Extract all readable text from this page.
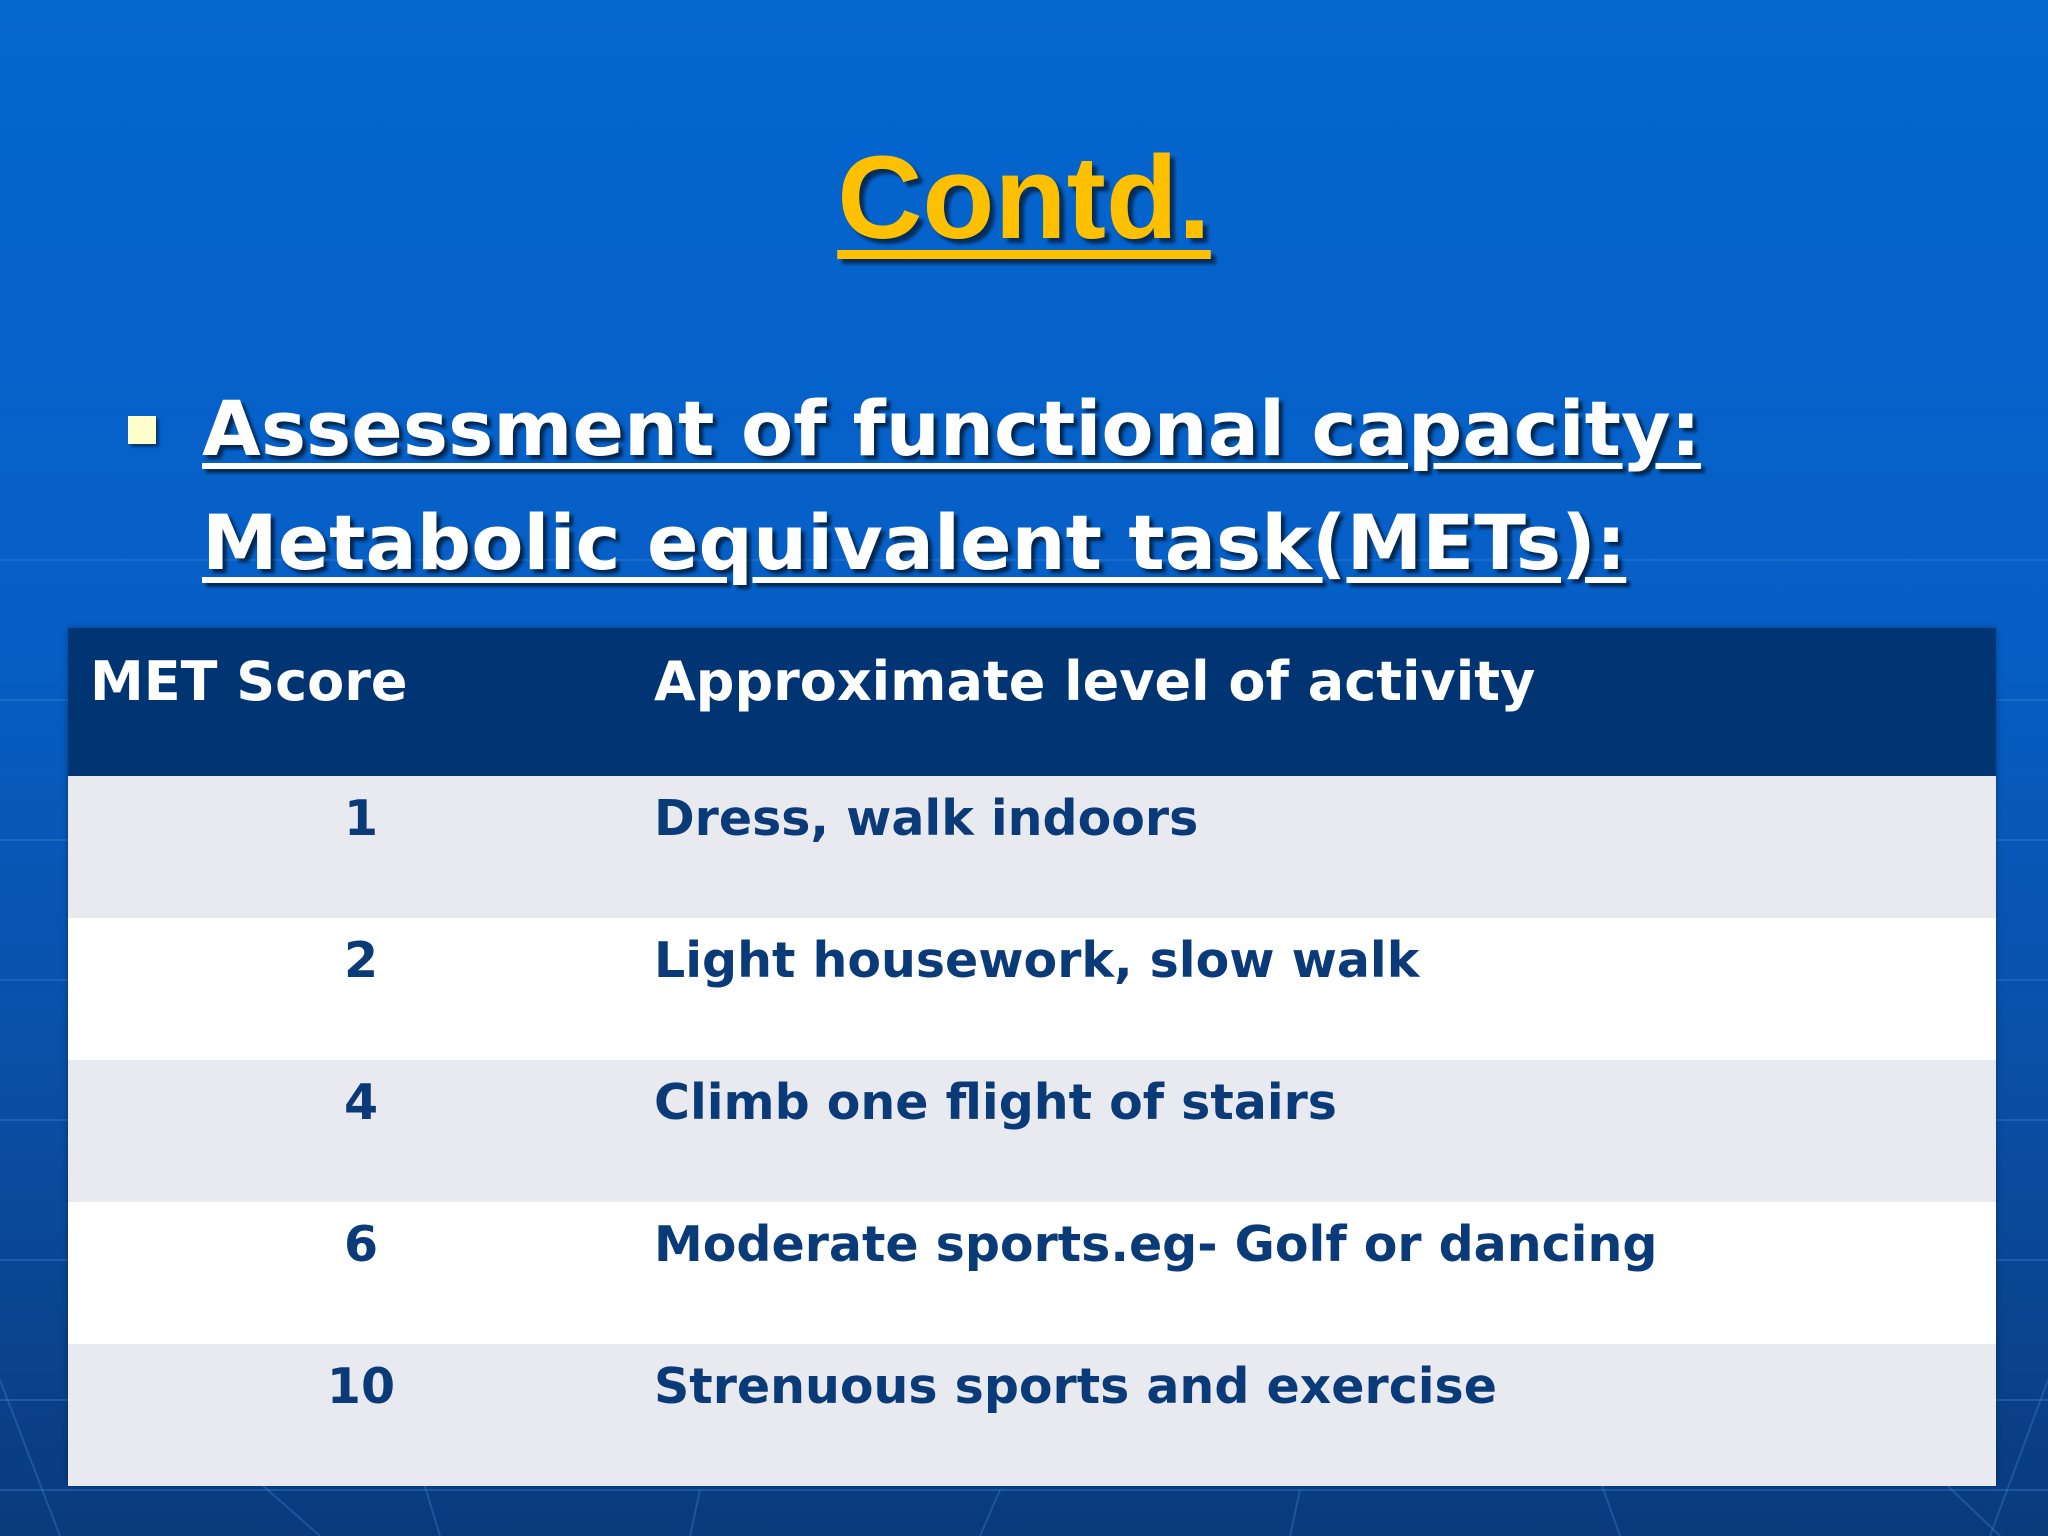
Contd.
Assessment of functional capacity:
Metabolic equivalent task(METs):
MET Score	Approximate level of activity
1	Dress, walk indoors
2	Light housework, slow walk
4	Climb one flight of stairs
6	Moderate sports.eg- Golf or dancing
10	Strenuous sports and exercise
